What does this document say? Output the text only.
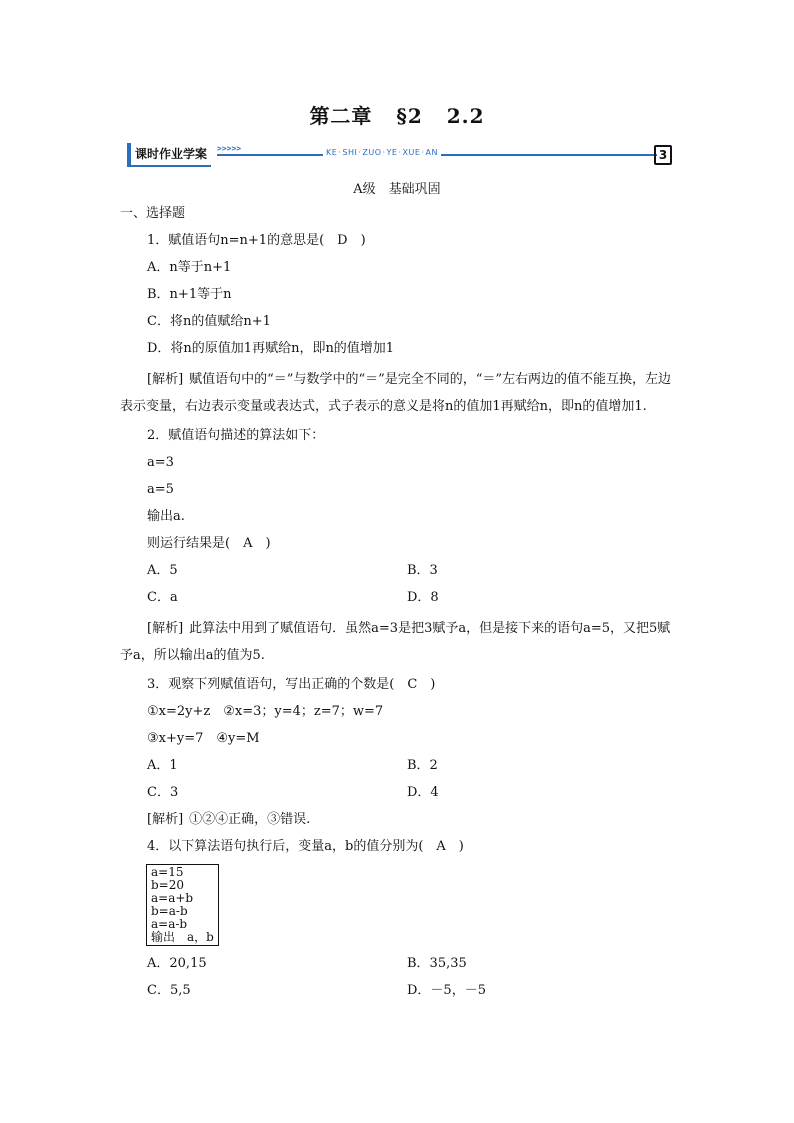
第二章 §2 2.2
课时作业学案	>>>>>	KE·SHI·ZUO·YE·XUE·AN	3
A级　基础巩固
一、选择题
1．赋值语句n=n+1的意思是(　D　)
A．n等于n+1
B．n+1等于n
C．将n的值赋给n+1
D．将n的原值加1再赋给n，即n的值增加1
[解析] 赋值语句中的“＝”与数学中的“＝”是完全不同的，“＝”左右两边的值不能互换，左边表示变量，右边表示变量或表达式，式子表示的意义是将n的值加1再赋给n，即n的值增加1.
2．赋值语句描述的算法如下：
a=3
a=5
输出a.
则运行结果是(　A　)
A．5	B．3
C．a	D．8
[解析] 此算法中用到了赋值语句．虽然a=3是把3赋予a，但是接下来的语句a=5，又把5赋予a，所以输出a的值为5.
3．观察下列赋值语句，写出正确的个数是(　C　)
①x=2y+z　②x=3；y=4；z=7；w=7
③x+y=7　④y=M
A．1	B．2
C．3	D．4
[解析] ①②④正确，③错误.
4．以下算法语句执行后，变量a，b的值分别为(　A　)
a=15
b=20
a=a+b
b=a-b
a=a-b
输出　a，b
A．20,15	B．35,35
C．5,5	D．－5，－5
